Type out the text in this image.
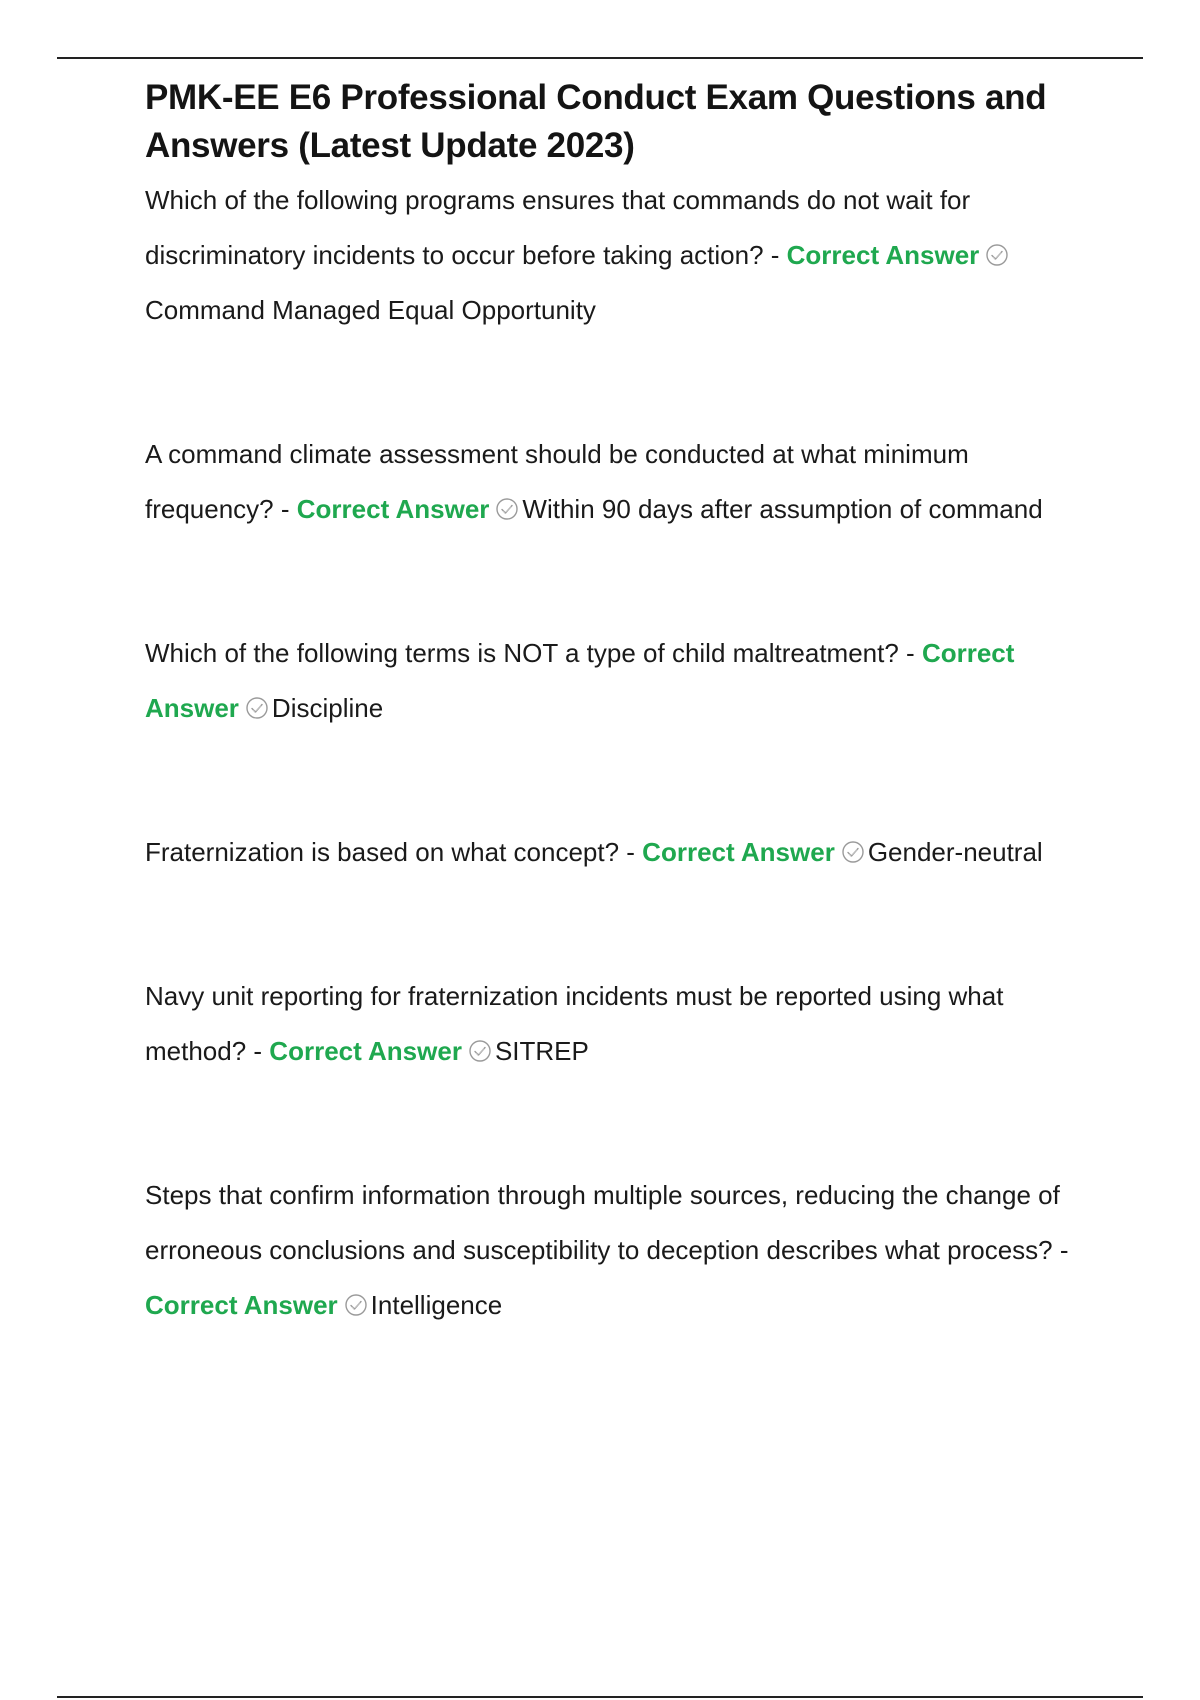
PMK-EE E6 Professional Conduct Exam Questions and Answers (Latest Update 2023)

Which of the following programs ensures that commands do not wait for discriminatory incidents to occur before taking action? - Correct AnswerCommand Managed Equal Opportunity

A command climate assessment should be conducted at what minimum frequency? - Correct Answer Within 90 days after assumption of command

Which of the following terms is NOT a type of child maltreatment? - Correct Answer Discipline

Fraternization is based on what concept? - Correct Answer Gender-neutral

Navy unit reporting for fraternization incidents must be reported using what method? - Correct Answer SITREP

Steps that confirm information through multiple sources, reducing the change of erroneous conclusions and susceptibility to deception describes what process? - Correct Answer Intelligence
